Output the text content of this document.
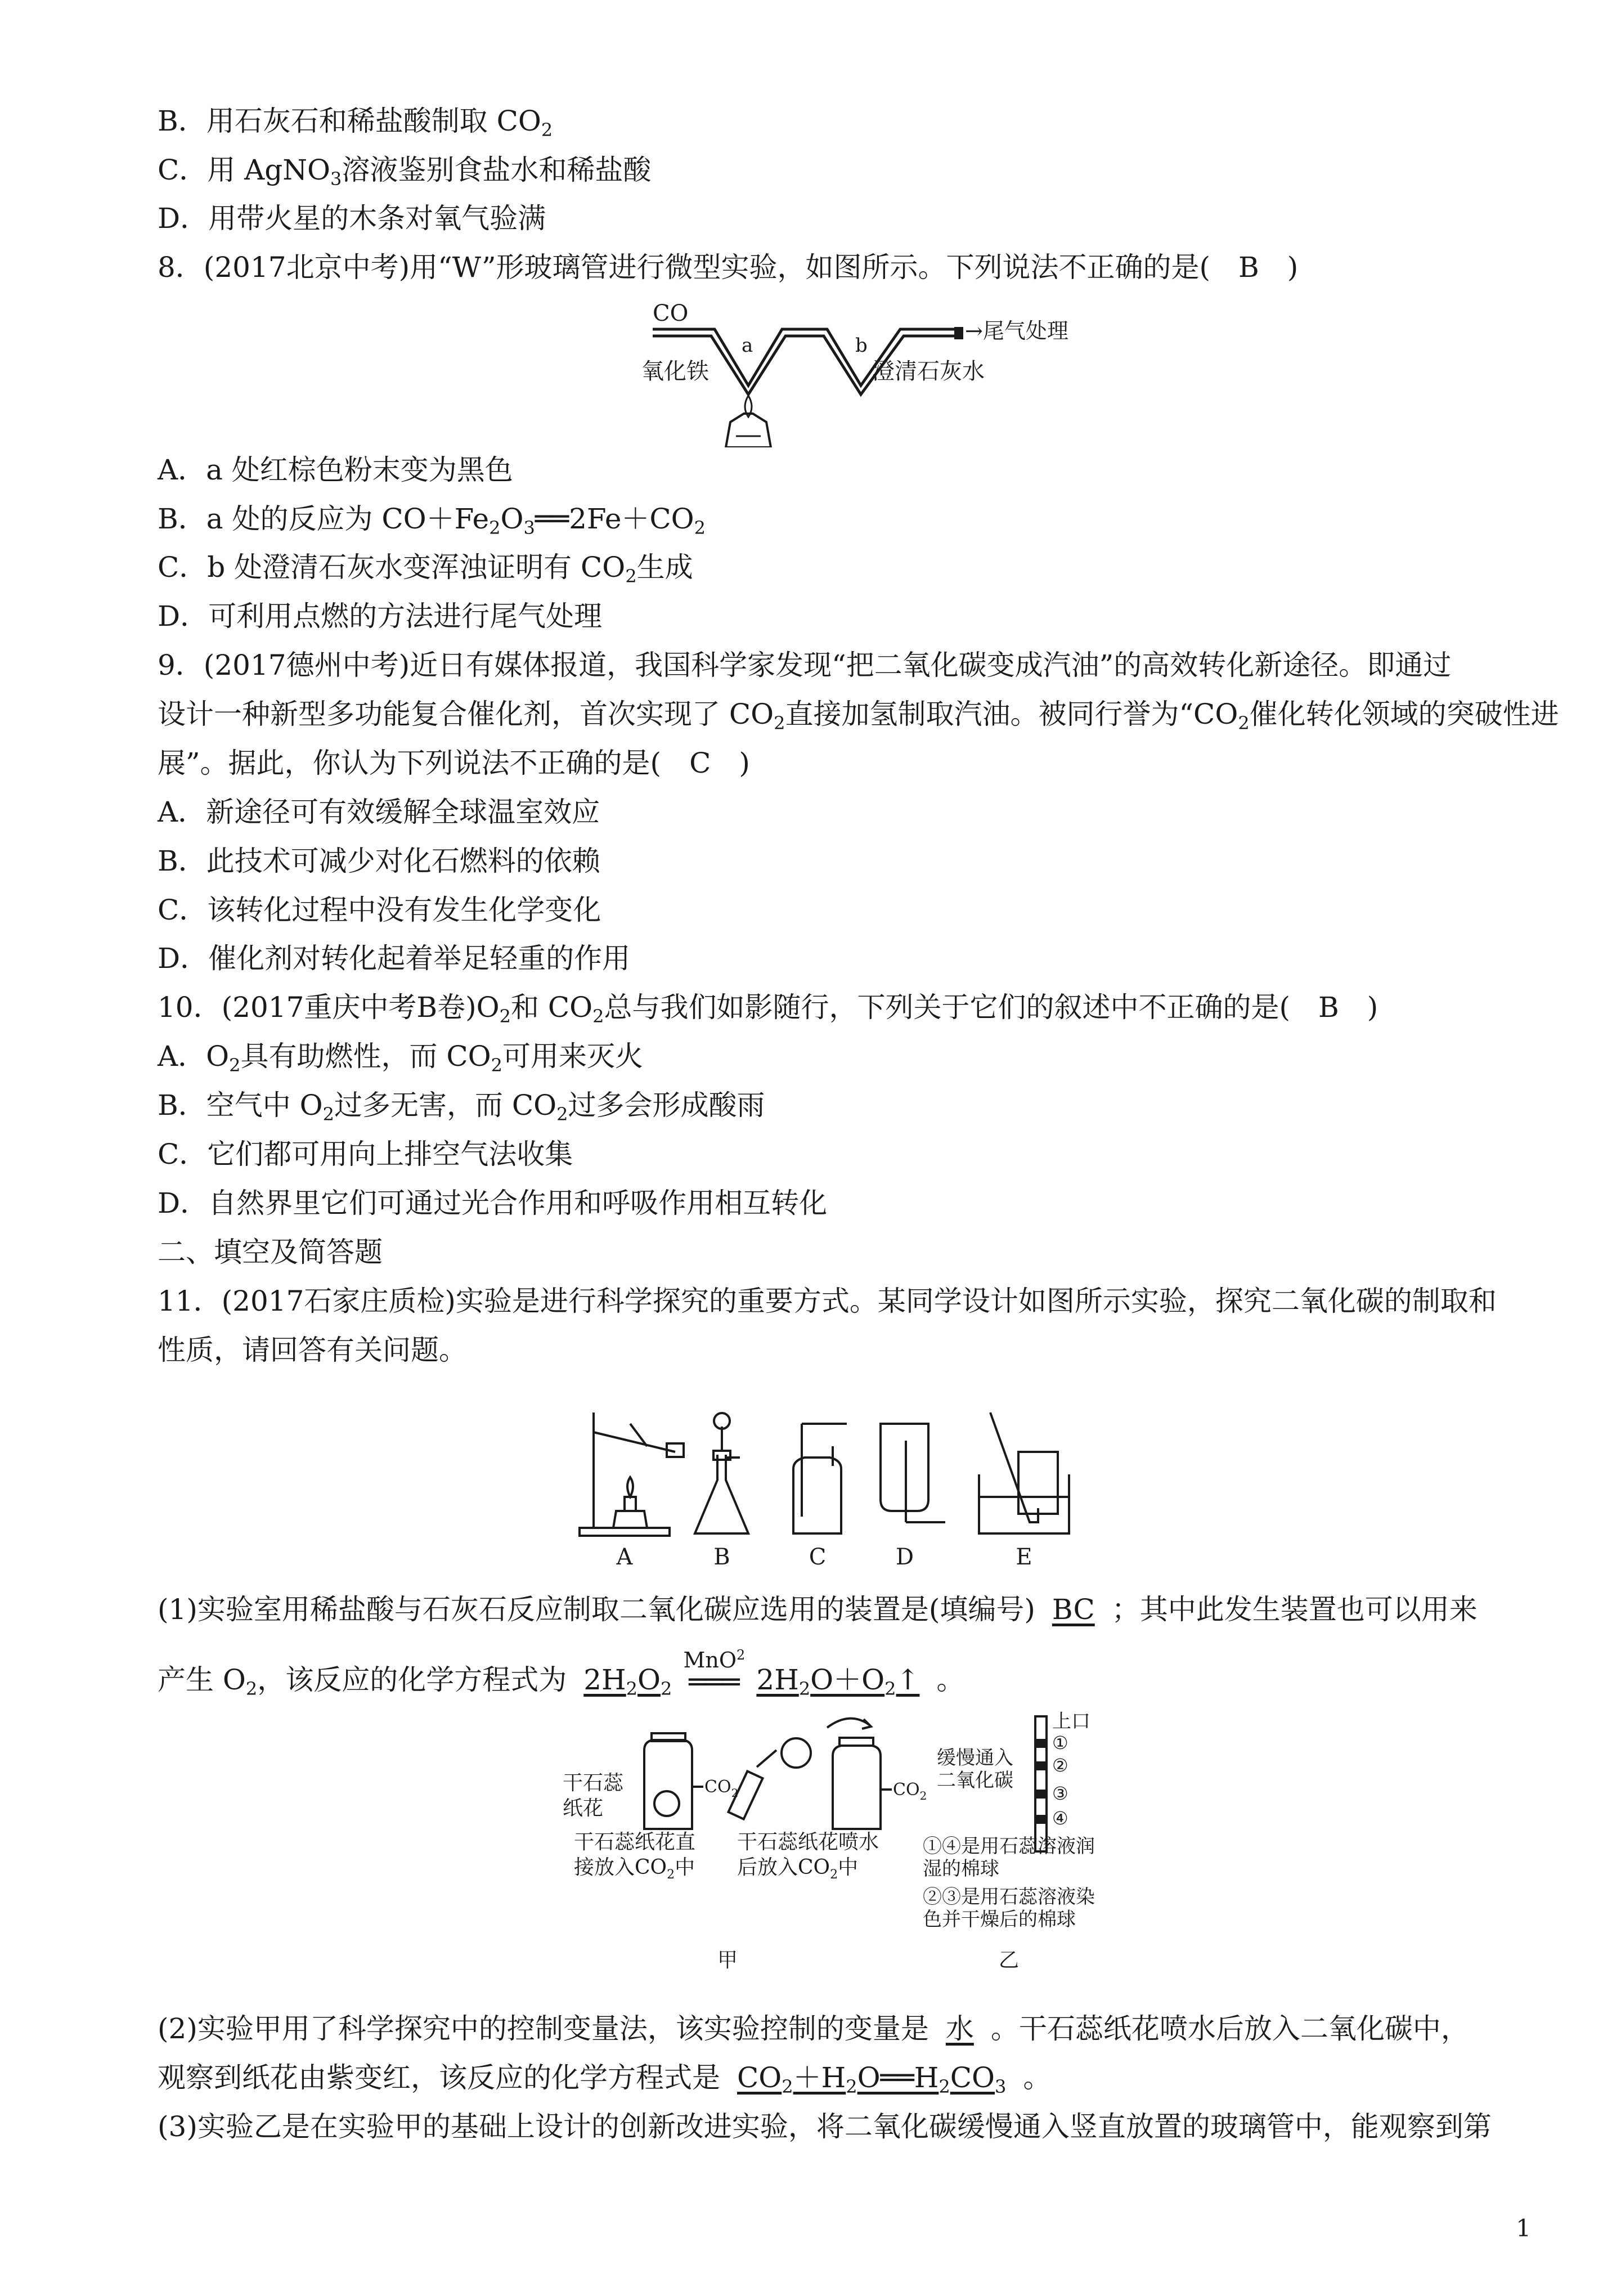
B．用石灰石和稀盐酸制取 $CO_2$
C．用 AgNO$_3$溶液鉴别食盐水和稀盐酸
D．用带火星的木条对氧气验满
8．(2017北京中考)用“W”形玻璃管进行微型实验，如图所示。下列说法不正确的是(　B　)
CO
→尾气处理
a	b
氧化铁	澄清石灰水
A．a 处红棕色粉末变为黑色
B．a 处的反应为 $CO+Fe_2O_3══2Fe+CO_2$
C．b 处澄清石灰水变浑浊证明有 $CO_2$生成
D．可利用点燃的方法进行尾气处理
9．(2017德州中考)近日有媒体报道，我国科学家发现“把二氧化碳变成汽油”的高效转化新途径。即通过
设计一种新型多功能复合催化剂，首次实现了 $CO_2$直接加氢制取汽油。被同行誉为“$CO_2$催化转化领域的突破性进
展”。据此，你认为下列说法不正确的是(　C　)
A．新途径可有效缓解全球温室效应
B．此技术可减少对化石燃料的依赖
C．该转化过程中没有发生化学变化
D．催化剂对转化起着举足轻重的作用
10．(2017重庆中考B卷)$O_2$和 $CO_2$总与我们如影随行，下列关于它们的叙述中不正确的是(　B　)
A．$O_2$具有助燃性，而 $CO_2$可用来灭火
B．空气中 $O_2$过多无害，而 $CO_2$过多会形成酸雨
C．它们都可用向上排空气法收集
D．自然界里它们可通过光合作用和呼吸作用相互转化
二、填空及简答题
11．(2017石家庄质检)实验是进行科学探究的重要方式。某同学设计如图所示实验，探究二氧化碳的制取和
性质，请回答有关问题。
A	B	C	D	E
(1)实验室用稀盐酸与石灰石反应制取二氧化碳应选用的装置是(填编号) BC ；其中此发生装置也可以用来
产生 $O_2$，该反应的化学方程式为 $2H_2O_2$
MnO$^2$
═══ $2H_2O+O_2↑$ 。
$CO_2$	$CO_2$
干石蕊
纸花
干石蕊纸花直
接放入$CO_2$中
干石蕊纸花喷水
后放入$CO_2$中
甲	乙
上口
缓慢通入
二氧化碳
①
②
③
④
①④是用石蕊溶液润
湿的棉球
②③是用石蕊溶液染
色并干燥后的棉球
(2)实验甲用了科学探究中的控制变量法，该实验控制的变量是 水 。干石蕊纸花喷水后放入二氧化碳中，
观察到纸花由紫变红，该反应的化学方程式是 $CO_2+H_2O══H_2CO_3$ 。
(3)实验乙是在实验甲的基础上设计的创新改进实验，将二氧化碳缓慢通入竖直放置的玻璃管中，能观察到第
1
